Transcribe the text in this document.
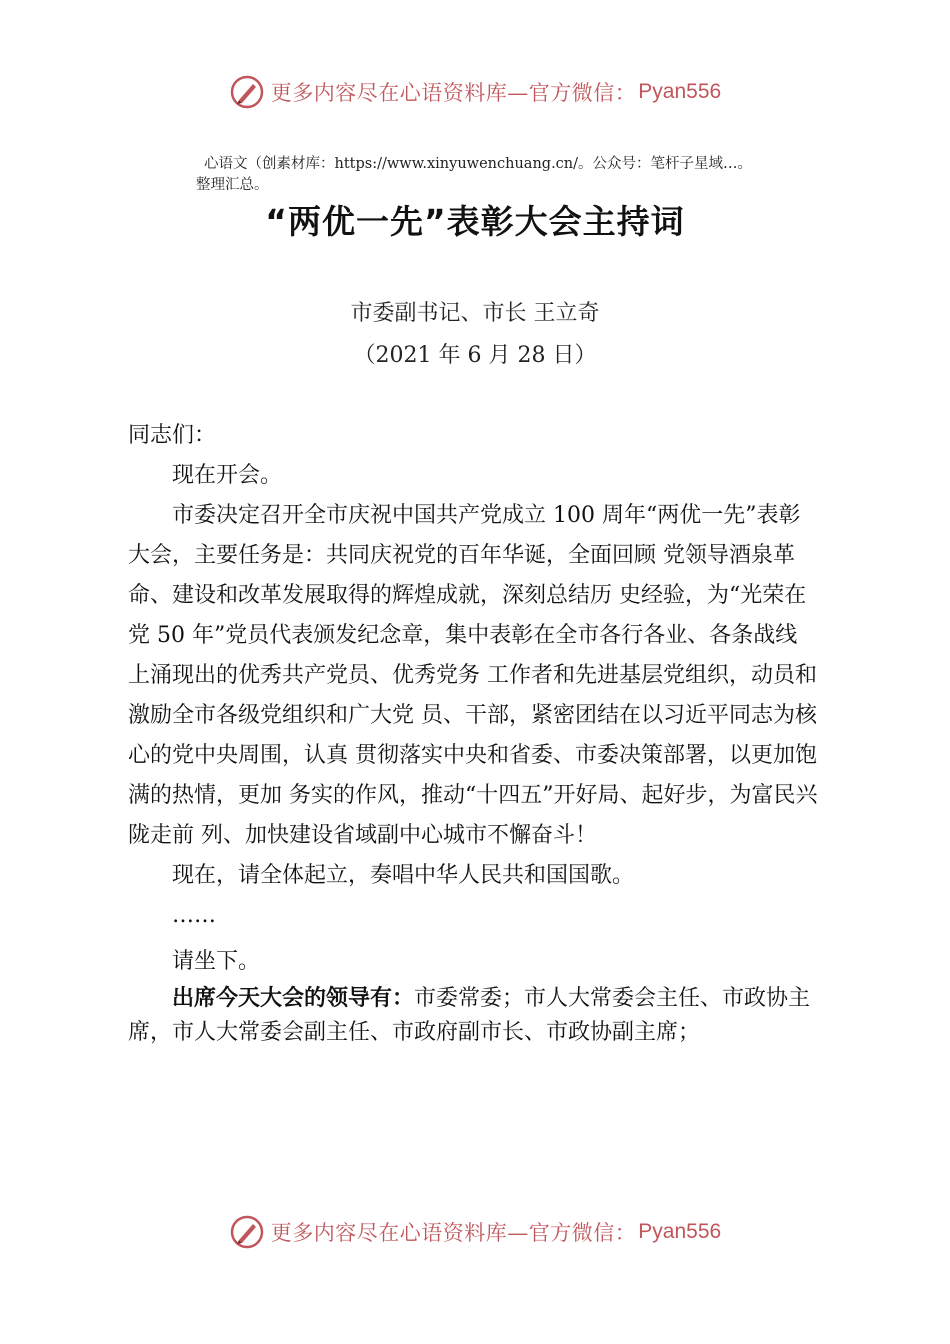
更多内容尽在心语资料库—官方微信： Pyan556
心语文（创素材库：https://www.xinyuwenchuang.cn/。公众号：笔杆子星域…。
整理汇总。
“两优一先”表彰大会主持词
市委副书记、市长 王立奇
（2021 年 6 月 28 日）

同志们：

现在开会。

市委决定召开全市庆祝中国共产党成立 100 周年“两优一先”表彰大会，主要任务是：共同庆祝党的百年华诞，全面回顾 党领导酒泉革命、建设和改革发展取得的辉煌成就，深刻总结历 史经验，为“光荣在党 50 年”党员代表颁发纪念章，集中表彰在全市各行各业、各条战线上涌现出的优秀共产党员、优秀党务 工作者和先进基层党组织，动员和激励全市各级党组织和广大党 员、干部，紧密团结在以习近平同志为核心的党中央周围，认真 贯彻落实中央和省委、市委决策部署，以更加饱满的热情，更加 务实的作风，推动“十四五”开好局、起好步，为富民兴陇走前 列、加快建设省域副中心城市不懈奋斗！

现在，请全体起立，奏唱中华人民共和国国歌。

……

请坐下。

出席今天大会的领导有：市委常委；市人大常委会主任、市政协主席，市人大常委会副主任、市政府副市长、市政协副主席；

更多内容尽在心语资料库—官方微信： Pyan556
